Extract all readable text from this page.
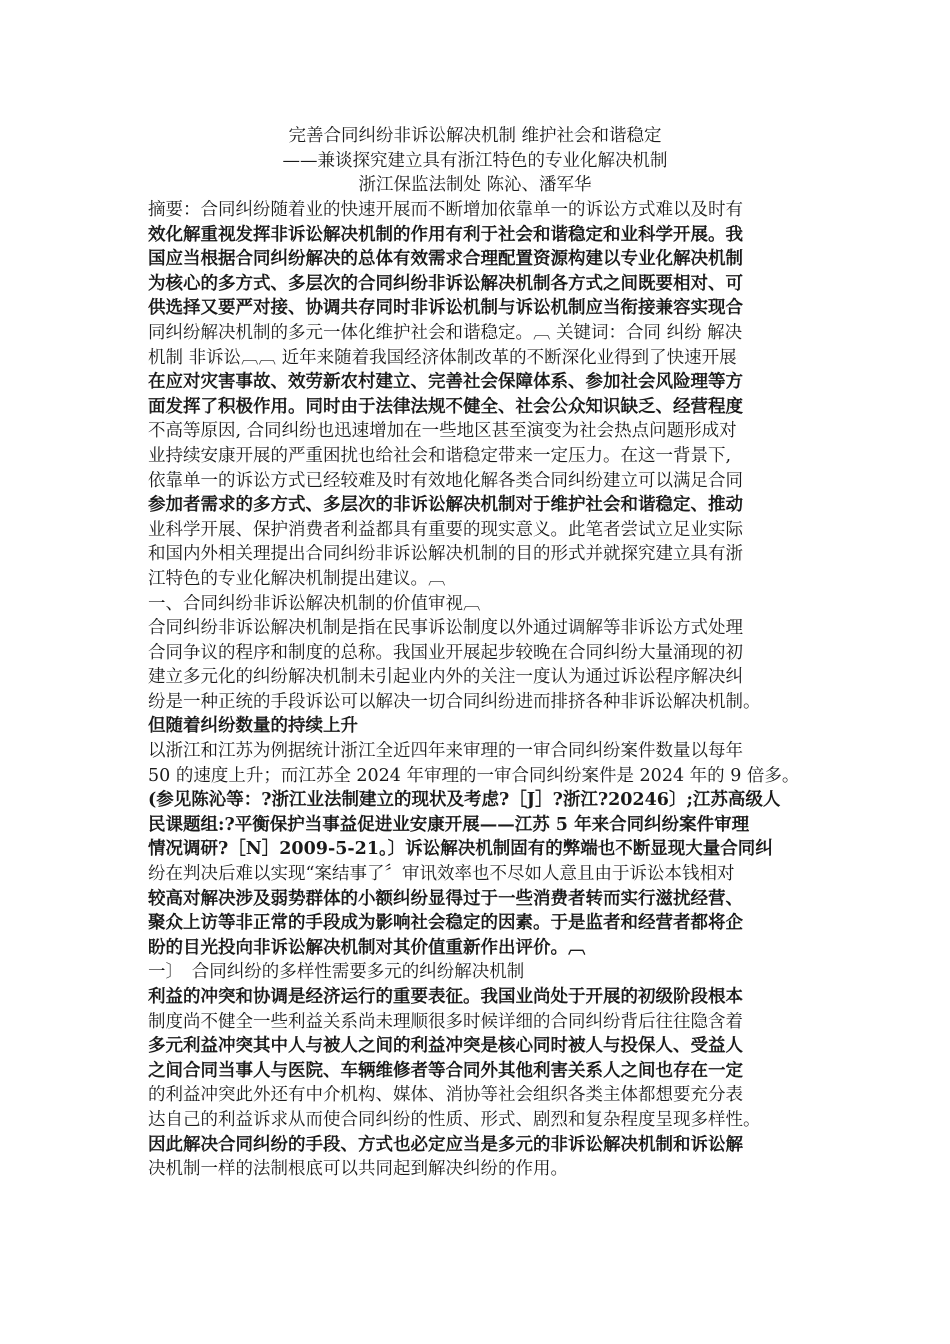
完善合同纠纷非诉讼解决机制 维护社会和谐稳定
——兼谈探究建立具有浙江特色的专业化解决机制
浙江保监法制处 陈沁、潘军华
摘要：合同纠纷随着业的快速开展而不断增加依靠单一的诉讼方式难以及时有
效化解重视发挥非诉讼解决机制的作用有利于社会和谐稳定和业科学开展。我
国应当根据合同纠纷解决的总体有效需求合理配置资源构建以专业化解决机制
为核心的多方式、多层次的合同纠纷非诉讼解决机制各方式之间既要相对、可
供选择又要严对接、协调共存同时非诉讼机制与诉讼机制应当衔接兼容实现合
同纠纷解决机制的多元一体化维护社会和谐稳定。︹ 关键词：合同 纠纷 解决
机制 非诉讼︹︹ 近年来随着我国经济体制改革的不断深化业得到了快速开展
在应对灾害事故、效劳新农村建立、完善社会保障体系、参加社会风险理等方
面发挥了积极作用。同时由于法律法规不健全、社会公众知识缺乏、经营程度
不高等原因, 合同纠纷也迅速增加在一些地区甚至演变为社会热点问题形成对
业持续安康开展的严重困扰也给社会和谐稳定带来一定压力。在这一背景下,
依靠单一的诉讼方式已经较难及时有效地化解各类合同纠纷建立可以满足合同
参加者需求的多方式、多层次的非诉讼解决机制对于维护社会和谐稳定、推动
业科学开展、保护消费者利益都具有重要的现实意义。此笔者尝试立足业实际
和国内外相关理提出合同纠纷非诉讼解决机制的目的形式并就探究建立具有浙
江特色的专业化解决机制提出建议。︹
一、合同纠纷非诉讼解决机制的价值审视︹
合同纠纷非诉讼解决机制是指在民事诉讼制度以外通过调解等非诉讼方式处理
合同争议的程序和制度的总称。我国业开展起步较晚在合同纠纷大量涌现的初
建立多元化的纠纷解决机制未引起业内外的关注一度认为通过诉讼程序解决纠
纷是一种正统的手段诉讼可以解决一切合同纠纷进而排挤各种非诉讼解决机制。
但随着纠纷数量的持续上升
以浙江和江苏为例据统计浙江全近四年来审理的一审合同纠纷案件数量以每年
50 的速度上升；而江苏全 2024 年审理的一审合同纠纷案件是 2024 年的 9 倍多。
(参见陈沁等：?浙江业法制建立的现状及考虑?［J］?浙江?20246〕;江苏高级人
民课题组:?平衡保护当事益促进业安康开展——江苏 5 年来合同纠纷案件审理
情况调研?［N］2009-5-21。〕诉讼解决机制固有的弊端也不断显现大量合同纠
纷在判决后难以实现“案结事了〞审讯效率也不尽如人意且由于诉讼本钱相对
较高对解决涉及弱势群体的小额纠纷显得过于一些消费者转而实行滋扰经营、
聚众上访等非正常的手段成为影响社会稳定的因素。于是监者和经营者都将企
盼的目光投向非诉讼解决机制对其价值重新作出评价。︹
一〕　合同纠纷的多样性需要多元的纠纷解决机制
利益的冲突和协调是经济运行的重要表征。我国业尚处于开展的初级阶段根本
制度尚不健全一些利益关系尚未理顺很多时候详细的合同纠纷背后往往隐含着
多元利益冲突其中人与被人之间的利益冲突是核心同时被人与投保人、受益人
之间合同当事人与医院、车辆维修者等合同外其他利害关系人之间也存在一定
的利益冲突此外还有中介机构、媒体、消协等社会组织各类主体都想要充分表
达自己的利益诉求从而使合同纠纷的性质、形式、剧烈和复杂程度呈现多样性。
因此解决合同纠纷的手段、方式也必定应当是多元的非诉讼解决机制和诉讼解
决机制一样的法制根底可以共同起到解决纠纷的作用。
